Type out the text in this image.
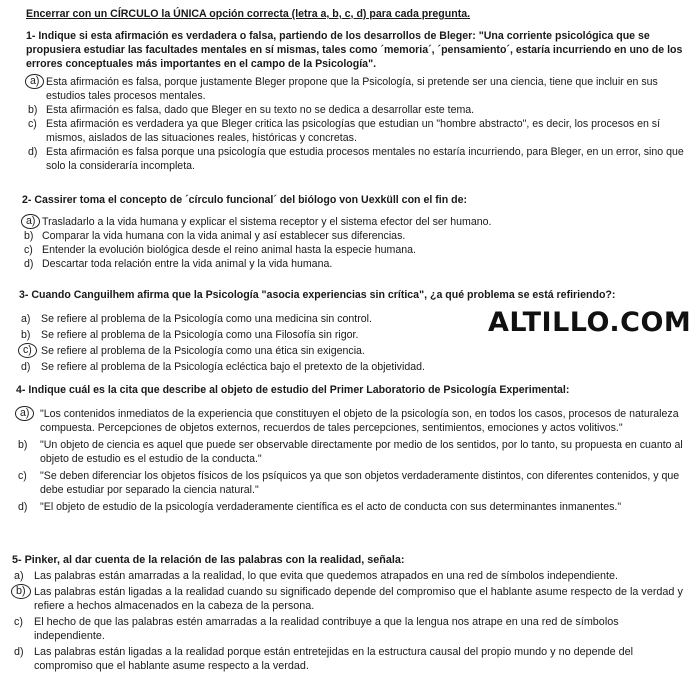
Encerrar con un CÍRCULO la ÚNICA opción correcta (letra a, b, c, d) para cada pregunta.
ALTILLO.COM
1- Indique si esta afirmación es verdadera o falsa, partiendo de los desarrollos de Bleger: "Una corriente psicológica que se propusiera estudiar las facultades mentales en sí mismas, tales como ´memoria´, ´pensamiento´, estaría incurriendo en uno de los errores conceptuales más importantes en el campo de la Psicología".
a) Esta afirmación es falsa, porque justamente Bleger propone que la Psicología, si pretende ser una ciencia, tiene que incluir en sus estudios tales procesos mentales.
b) Esta afirmación es falsa, dado que Bleger en su texto no se dedica a desarrollar este tema.
c) Esta afirmación es verdadera ya que Bleger critica las psicologías que estudian un "hombre abstracto", es decir, los procesos en sí mismos, aislados de las situaciones reales, históricas y concretas.
d) Esta afirmación es falsa porque una psicología que estudia procesos mentales no estaría incurriendo, para Bleger, en un error, sino que solo la consideraría incompleta.
2- Cassirer toma el concepto de ´círculo funcional´ del biólogo von Uexküll con el fin de:
a) Trasladarlo a la vida humana y explicar el sistema receptor y el sistema efector del ser humano.
b) Comparar la vida humana con la vida animal y así establecer sus diferencias.
c) Entender la evolución biológica desde el reino animal hasta la especie humana.
d) Descartar toda relación entre la vida animal y la vida humana.
3- Cuando Canguilhem afirma que la Psicología "asocia experiencias sin crítica", ¿a qué problema se está refiriendo?:
a) Se refiere al problema de la Psicología como una medicina sin control.
b) Se refiere al problema de la Psicología como una Filosofía sin rigor.
c) Se refiere al problema de la Psicología como una ética sin exigencia.
d) Se refiere al problema de la Psicología ecléctica bajo el pretexto de la objetividad.
4- Indique cuál es la cita que describe al objeto de estudio del Primer Laboratorio de Psicología Experimental:
a) "Los contenidos inmediatos de la experiencia que constituyen el objeto de la psicología son, en todos los casos, procesos de naturaleza compuesta. Percepciones de objetos externos, recuerdos de tales percepciones, sentimientos, emociones y actos volitivos."
b) "Un objeto de ciencia es aquel que puede ser observable directamente por medio de los sentidos, por lo tanto, su propuesta en cuanto al objeto de estudio es el estudio de la conducta."
c) "Se deben diferenciar los objetos físicos de los psíquicos ya que son objetos verdaderamente distintos, con diferentes contenidos, y que debe estudiar por separado la ciencia natural."
d) "El objeto de estudio de la psicología verdaderamente científica es el acto de conducta con sus determinantes inmanentes."
5- Pinker, al dar cuenta de la relación de las palabras con la realidad, señala:
a) Las palabras están amarradas a la realidad, lo que evita que quedemos atrapados en una red de símbolos independiente.
b) Las palabras están ligadas a la realidad cuando su significado depende del compromiso que el hablante asume respecto de la verdad y refiere a hechos almacenados en la cabeza de la persona.
c) El hecho de que las palabras estén amarradas a la realidad contribuye a que la lengua nos atrape en una red de símbolos independiente.
d) Las palabras están ligadas a la realidad porque están entretejidas en la estructura causal del propio mundo y no depende del compromiso que el hablante asume respecto a la verdad.
